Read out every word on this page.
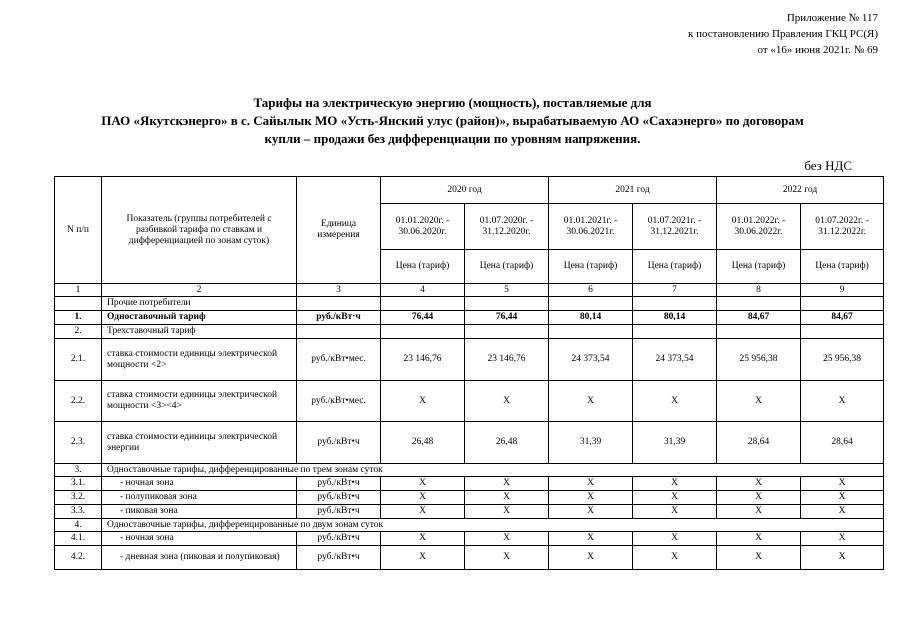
Приложение № 117
к постановлению Правления ГКЦ РС(Я)
от «16» июня 2021г. № 69
Тарифы на электрическую энергию (мощность), поставляемые для
ПАО «Якутскэнерго» в с. Сайылык МО «Усть-Янский улус (район)», вырабатываемую АО «Сахаэнерго» по договорам
купли – продажи без дифференциации по уровням напряжения.
без НДС
N п/п	Показатель (группы потребителей с разбивкой тарифа по ставкам и дифференциацией по зонам суток)	Единица измерения	2020 год		2021 год		2022 год	
			01.01.2020г. - 30.06.2020г.	01.07.2020г. - 31.12.2020г.	01.01.2021г. - 30.06.2021г.	01.07.2021г. - 31.12.2021г.	01.01.2022г. - 30.06.2022г.	01.07.2022г. - 31.12.2022г.
			Цена (тариф)	Цена (тариф)	Цена (тариф)	Цена (тариф)	Цена (тариф)	Цена (тариф)
1	2	3	4	5	6	7	8	9
	Прочие потребители							
1.	Одноставочный тариф	руб./кВт·ч	76,44	76,44	80,14	80,14	84,67	84,67
2.	Трехставочный тариф							
2.1.	ставка стоимости единицы электрической мощности <2>	руб./кВт•мес.	23 146,76	23 146,76	24 373,54	24 373,54	25 956,38	25 956,38
2.2.	ставка стоимости единицы электрической мощности <3><4>	руб./кВт•мес.	Х	Х	Х	Х	Х	Х
2.3.	ставка стоимости единицы электрической энергии	руб./кВт•ч	26,48	26,48	31,39	31,39	28,64	28,64
3.	Одноставочные тарифы, дифференцированные по трем зонам суток							
3.1.	- ночная зона	руб./кВт•ч	Х	Х	Х	Х	Х	Х
3.2.	- полупиковая зона	руб./кВт•ч	Х	Х	Х	Х	Х	Х
3.3.	- пиковая зона	руб./кВт•ч	Х	Х	Х	Х	Х	Х
4.	Одноставочные тарифы, дифференцированные по двум зонам суток							
4.1.	- ночная зона	руб./кВт•ч	Х	Х	Х	Х	Х	Х
4.2.	- дневная зона (пиковая и полупиковая)	руб./кВт•ч	Х	Х	Х	Х	Х	Х
